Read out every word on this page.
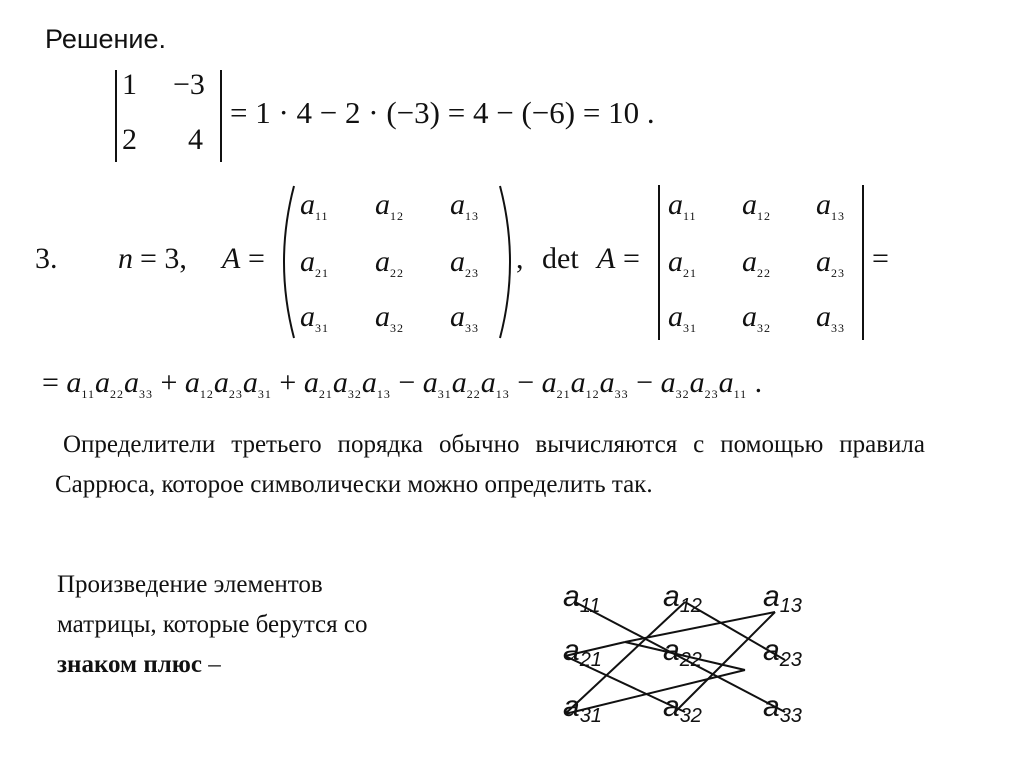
Решение.
1 −3
2 4
= 1 · 4 − 2 · (−3) = 4 − (−6) = 10 .
3. n = 3, A =
$a_{11}$ $a_{12}$ $a_{13}$
$a_{21}$ $a_{22}$ $a_{23}$
$a_{31}$ $a_{32}$ $a_{33}$
, det A =
$a_{11}$ $a_{12}$ $a_{13}$
$a_{21}$ $a_{22}$ $a_{23}$
$a_{31}$ $a_{32}$ $a_{33}$
=
= $a_{11}a_{22}a_{33} + a_{12}a_{23}a_{31} + a_{21}a_{32}a_{13} - a_{31}a_{22}a_{13} - a_{21}a_{12}a_{33} - a_{32}a_{23}a_{11}$ .
Определители третьего порядка обычно вычисляются с помощью правила Саррюса, которое символически можно определить так.
Произведение элементов
матрицы, которые берутся со
знаком плюс –
a11 a12 a13
a21 a22 a23
a31 a32 a33
